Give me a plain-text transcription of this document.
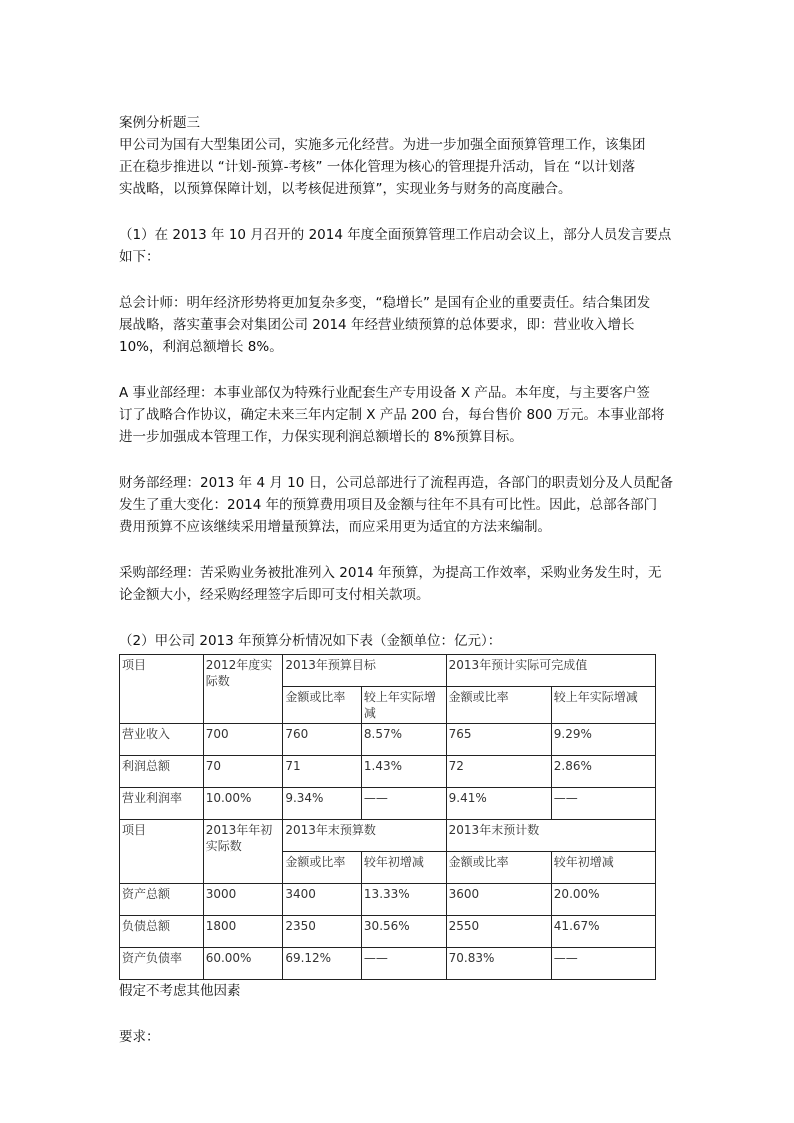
案例分析题三

甲公司为国有大型集团公司，实施多元化经营。为进一步加强全面预算管理工作，该集团

正在稳步推进以 “计划-预算-考核” 一体化管理为核心的管理提升活动，旨在 “以计划落

实战略，以预算保障计划，以考核促进预算”，实现业务与财务的高度融合。

（1）在 2013 年 10 月召开的 2014 年度全面预算管理工作启动会议上，部分人员发言要点

如下：

总会计师：明年经济形势将更加复杂多变，“稳增长” 是国有企业的重要责任。结合集团发

展战略，落实董事会对集团公司 2014 年经营业绩预算的总体要求，即：营业收入增长

10%，利润总额增长 8%。

A 事业部经理：本事业部仅为特殊行业配套生产专用设备 X 产品。本年度，与主要客户签

订了战略合作协议，确定未来三年内定制 X 产品 200 台，每台售价 800 万元。本事业部将

进一步加强成本管理工作，力保实现利润总额增长的 8%预算目标。

财务部经理：2013 年 4 月 10 日，公司总部进行了流程再造，各部门的职责划分及人员配备

发生了重大变化：2014 年的预算费用项目及金额与往年不具有可比性。因此，总部各部门

费用预算不应该继续采用增量预算法，而应采用更为适宜的方法来编制。

采购部经理：苦采购业务被批准列入 2014 年预算，为提高工作效率，采购业务发生时，无

论金额大小，经采购经理签字后即可支付相关款项。

（2）甲公司 2013 年预算分析情况如下表（金额单位：亿元）：

项目	2012年度实际数	2013年预算目标		2013年预计实际可完成值	
		金额或比率	较上年实际增减	金额或比率	较上年实际增减
营业收入	700	760	8.57%	765	9.29%
利润总额	70	71	1.43%	72	2.86%
营业利润率	10.00%	9.34%	——	9.41%	——
项目	2013年年初实际数	2013年末预算数		2013年末预计数	
		金额或比率	较年初增减	金额或比率	较年初增减
资产总额	3000	3400	13.33%	3600	20.00%
负债总额	1800	2350	30.56%	2550	41.67%
资产负债率	60.00%	69.12%	——	70.83%	——

假定不考虑其他因素

要求：
